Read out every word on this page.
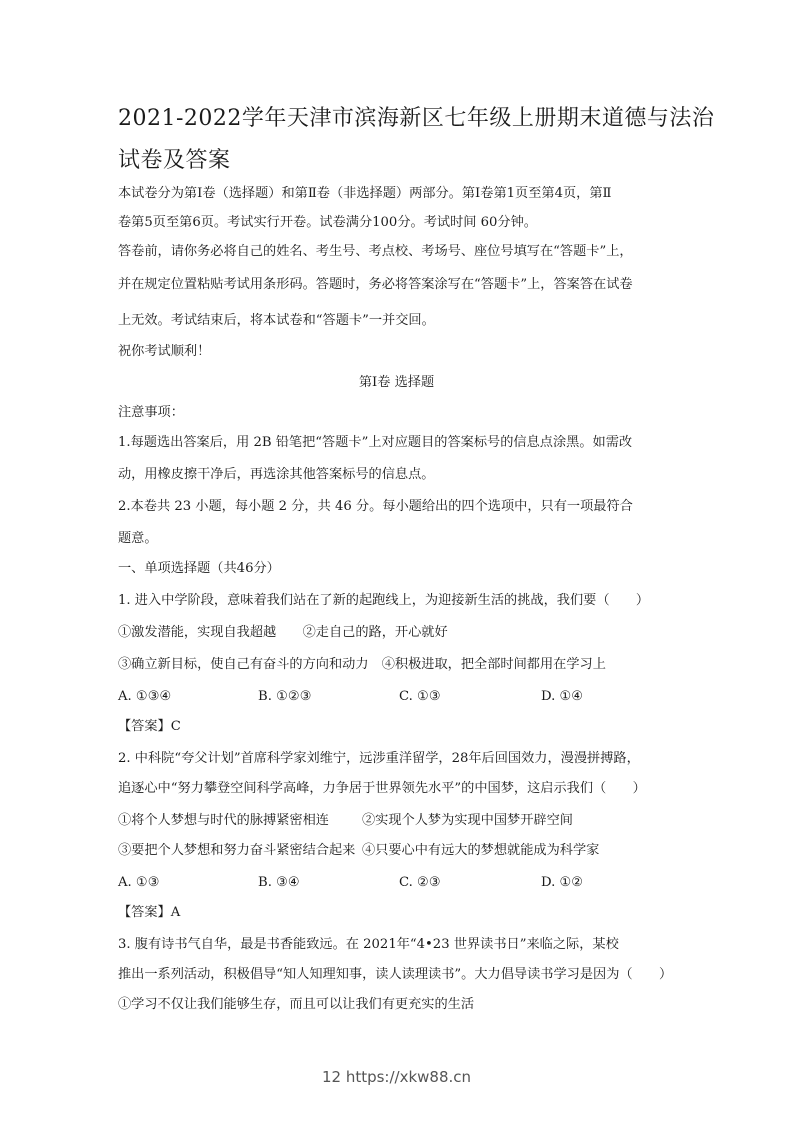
2021-2022学年天津市滨海新区七年级上册期末道德与法治
试卷及答案
本试卷分为第Ⅰ卷（选择题）和第Ⅱ卷（非选择题）两部分。第Ⅰ卷第1页至第4页，第Ⅱ
卷第5页至第6页。考试实行开卷。试卷满分100分。考试时间 60分钟。
答卷前，请你务必将自己的姓名、考生号、考点校、考场号、座位号填写在“答题卡”上，
并在规定位置粘贴考试用条形码。答题时，务必将答案涂写在“答题卡”上，答案答在试卷
上无效。考试结束后，将本试卷和“答题卡”一并交回。
祝你考试顺利！
第Ⅰ卷 选择题
注意事项：
1.每题选出答案后，用 2B 铅笔把“答题卡”上对应题目的答案标号的信息点涂黑。如需改
动，用橡皮擦干净后，再选涂其他答案标号的信息点。
2.本卷共 23 小题，每小题 2 分，共 46 分。每小题给出的四个选项中，只有一项最符合
题意。
一、单项选择题（共46分）
1. 进入中学阶段，意味着我们站在了新的起跑线上，为迎接新生活的挑战，我们要（　　）
①激发潜能，实现自我超越　　②走自己的路，开心就好
③确立新目标，使自己有奋斗的方向和动力　④积极进取，把全部时间都用在学习上
A. ①③④	B. ①②③	C. ①③	D. ①④
【答案】C
2. 中科院“夸父计划”首席科学家刘维宁，远涉重洋留学，28年后回国效力，漫漫拼搏路，
追逐心中“努力攀登空间科学高峰，力争居于世界领先水平”的中国梦，这启示我们（　　）
①将个人梦想与时代的脉搏紧密相连	②实现个人梦为实现中国梦开辟空间
③要把个人梦想和努力奋斗紧密结合起来 ④只要心中有远大的梦想就能成为科学家
A. ①③	B. ③④	C. ②③	D. ①②
【答案】A
3. 腹有诗书气自华，最是书香能致远。在 2021年“4•23 世界读书日”来临之际，某校
推出一系列活动，积极倡导“知人知理知事，读人读理读书”。大力倡导读书学习是因为（　　）
①学习不仅让我们能够生存，而且可以让我们有更充实的生活
12 https://xkw88.cn
